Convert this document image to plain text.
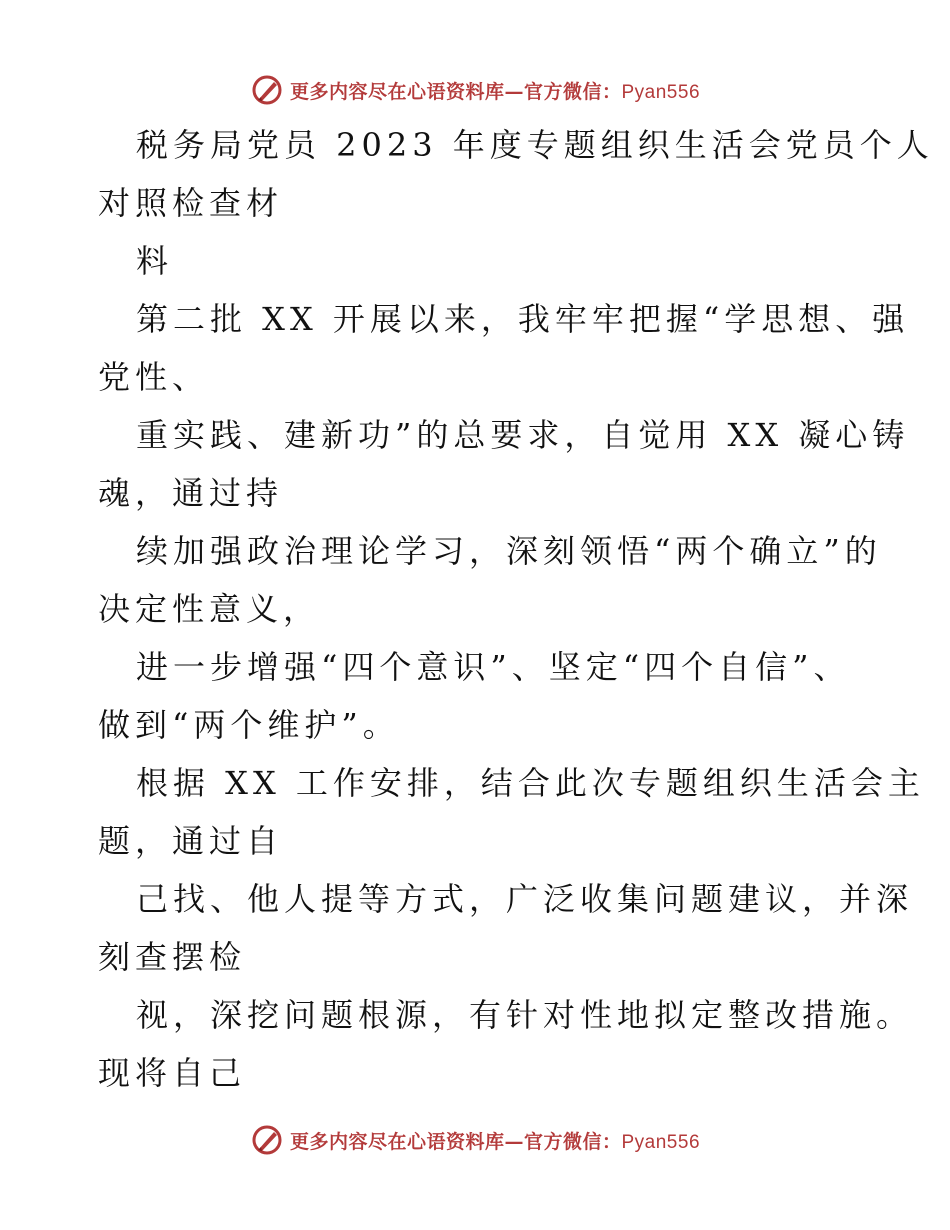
更多内容尽在心语资料库—官方微信：Pyan556
税务局党员 2023 年度专题组织生活会党员个人
对照检查材
料
第二批 XX 开展以来，我牢牢把握“学思想、强
党性、
重实践、建新功”的总要求，自觉用 XX 凝心铸
魂，通过持
续加强政治理论学习，深刻领悟“两个确立”的
决定性意义，
进一步增强“四个意识”、坚定“四个自信”、
做到“两个维护”。
根据 XX 工作安排，结合此次专题组织生活会主
题，通过自
己找、他人提等方式，广泛收集问题建议，并深
刻查摆检
视，深挖问题根源，有针对性地拟定整改措施。
现将自己
更多内容尽在心语资料库—官方微信：Pyan556
